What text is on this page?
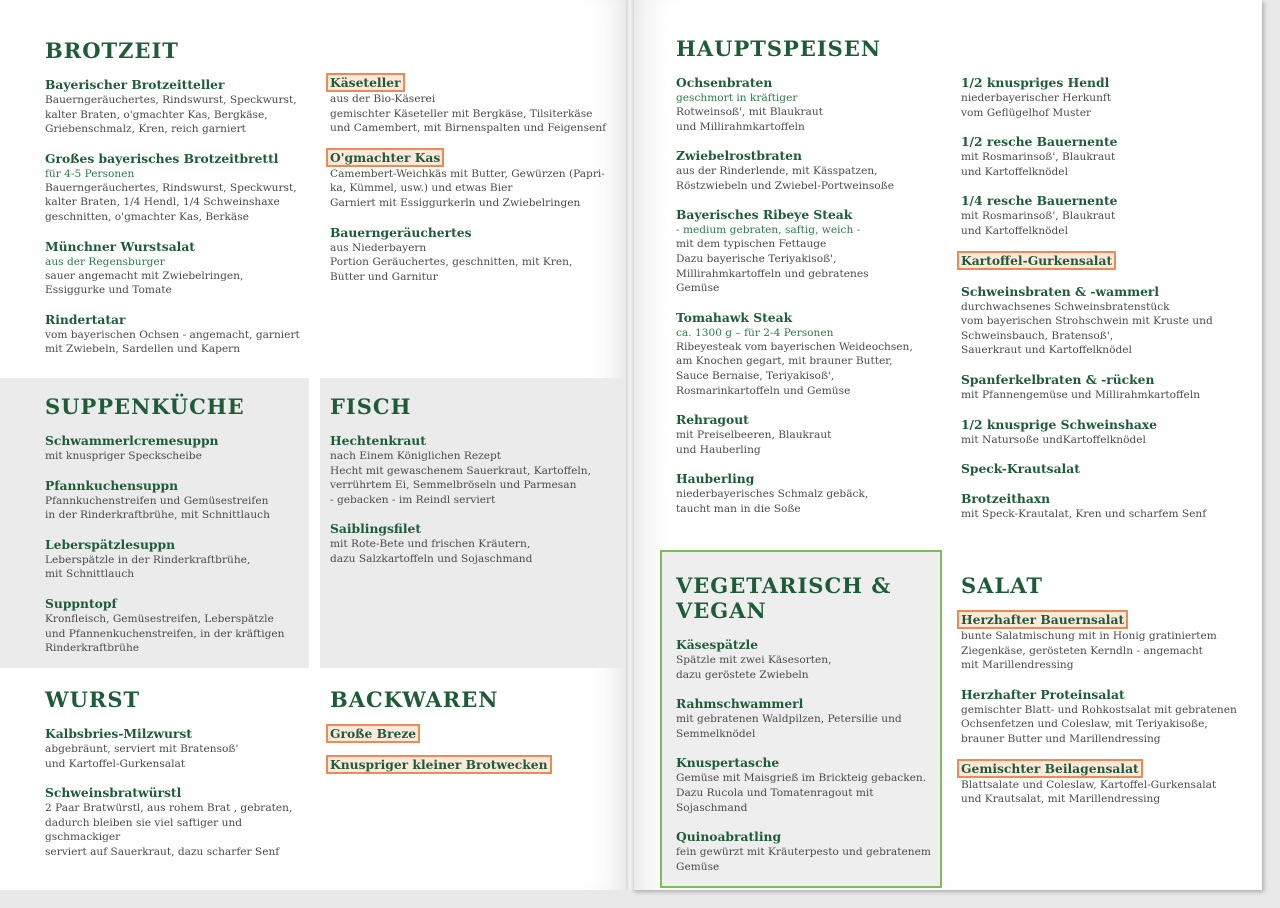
BROTZEIT
Bayerischer Brotzeitteller
Bauerngeräuchertes, Rindswurst, Speckwurst,
kalter Braten, o'gmachter Kas, Bergkäse,
Griebenschmalz, Kren, reich garniert
Großes bayerisches Brotzeitbrettl
für 4-5 Personen
Bauerngeräuchertes, Rindswurst, Speckwurst,
kalter Braten, 1/4 Hendl, 1/4 Schweinshaxe
geschnitten, o'gmachter Kas, Berkäse
Münchner Wurstsalat
aus der Regensburger
sauer angemacht mit Zwiebelringen,
Essiggurke und Tomate
Rindertatar
vom bayerischen Ochsen - angemacht, garniert
mit Zwiebeln, Sardellen und Kapern
Käseteller
aus der Bio-Käserei
gemischter Käseteller mit Bergkäse, Tilsiterkäse
und Camembert, mit Birnenspalten und Feigensenf
O'gmachter Kas
Camembert-Weichkäs mit Butter, Gewürzen (Papri-
ka, Kümmel, usw.) und etwas Bier
Garniert mit Essiggurkerln und Zwiebelringen
Bauerngeräuchertes
aus Niederbayern
Portion Geräuchertes, geschnitten, mit Kren,
Butter und Garnitur
SUPPENKÜCHE
Schwammerlcremesuppn
mit knuspriger Speckscheibe
Pfannkuchensuppn
Pfannkuchenstreifen und Gemüsestreifen
in der Rinderkraftbrühe, mit Schnittlauch
Leberspätzlesuppn
Leberspätzle in der Rinderkraftbrühe,
mit Schnittlauch
Suppntopf
Kronfleisch, Gemüsestreifen, Leberspätzle
und Pfannenkuchenstreifen, in der kräftigen
Rinderkraftbrühe
FISCH
Hechtenkraut
nach Einem Königlichen Rezept
Hecht mit gewaschenem Sauerkraut, Kartoffeln,
verrührtem Ei, Semmelbröseln und Parmesan
- gebacken - im Reindl serviert
Saiblingsfilet
mit Rote-Bete und frischen Kräutern,
dazu Salzkartoffeln und Sojaschmand
WURST
Kalbsbries-Milzwurst
abgebräunt, serviert mit Bratensoß'
und Kartoffel-Gurkensalat
Schweinsbratwürstl
2 Paar Bratwürstl, aus rohem Brat , gebraten,
dadurch bleiben sie viel saftiger und gschmackiger
serviert auf Sauerkraut, dazu scharfer Senf
BACKWAREN
Große Breze
Knuspriger kleiner Brotwecken
HAUPTSPEISEN
Ochsenbraten
geschmort in kräftiger
Rotweinsoß', mit Blaukraut
und Millirahmkartoffeln
Zwiebelrostbraten
aus der Rinderlende, mit Kässpatzen,
Röstzwiebeln und Zwiebel-Portweinsoße
Bayerisches Ribeye Steak
- medium gebraten, saftig, weich -
mit dem typischen Fettauge
Dazu bayerische Teriyakisoß',
Millirahmkartoffeln und gebratenes
Gemüse
Tomahawk Steak
ca. 1300 g – für 2-4 Personen
Ribeyesteak vom bayerischen Weideochsen,
am Knochen gegart, mit brauner Butter,
Sauce Bernaise, Teriyakisoß',
Rosmarinkartoffeln und Gemüse
Rehragout
mit Preiselbeeren, Blaukraut
und Hauberling
Hauberling
niederbayerisches Schmalz gebäck,
taucht man in die Soße
1/2 knuspriges Hendl
niederbayerischer Herkunft
vom Geflügelhof Muster
1/2 resche Bauernente
mit Rosmarinsoß', Blaukraut
und Kartoffelknödel
1/4 resche Bauernente
mit Rosmarinsoß', Blaukraut
und Kartoffelknödel
Kartoffel-Gurkensalat
Schweinsbraten & -wammerl
durchwachsenes Schweinsbratenstück
vom bayerischen Strohschwein mit Kruste und
Schweinsbauch, Bratensoß',
Sauerkraut und Kartoffelknödel
Spanferkelbraten & -rücken
mit Pfannengemüse und Millirahmkartoffeln
1/2 knusprige Schweinshaxe
mit Natursoße undKartoffelknödel
Speck-Krautsalat
Brotzeithaxn
mit Speck-Krautalat, Kren und scharfem Senf
VEGETARISCH & VEGAN
Käsespätzle
Spätzle mit zwei Käsesorten,
dazu geröstete Zwiebeln
Rahmschwammerl
mit gebratenen Waldpilzen, Petersilie und
Semmelknödel
Knuspertasche
Gemüse mit Maisgrieß im Brickteig gebacken.
Dazu Rucola und Tomatenragout mit Sojaschmand
Quinoabratling
fein gewürzt mit Kräuterpesto und gebratenem
Gemüse
SALAT
Herzhafter Bauernsalat
bunte Salatmischung mit in Honig gratiniertem
Ziegenkäse, gerösteten Kerndln - angemacht
mit Marillendressing
Herzhafter Proteinsalat
gemischter Blatt- und Rohkostsalat mit gebratenen
Ochsenfetzen und Coleslaw, mit Teriyakisoße,
brauner Butter und Marillendressing
Gemischter Beilagensalat
Blattsalate und Coleslaw, Kartoffel-Gurkensalat
und Krautsalat, mit Marillendressing
